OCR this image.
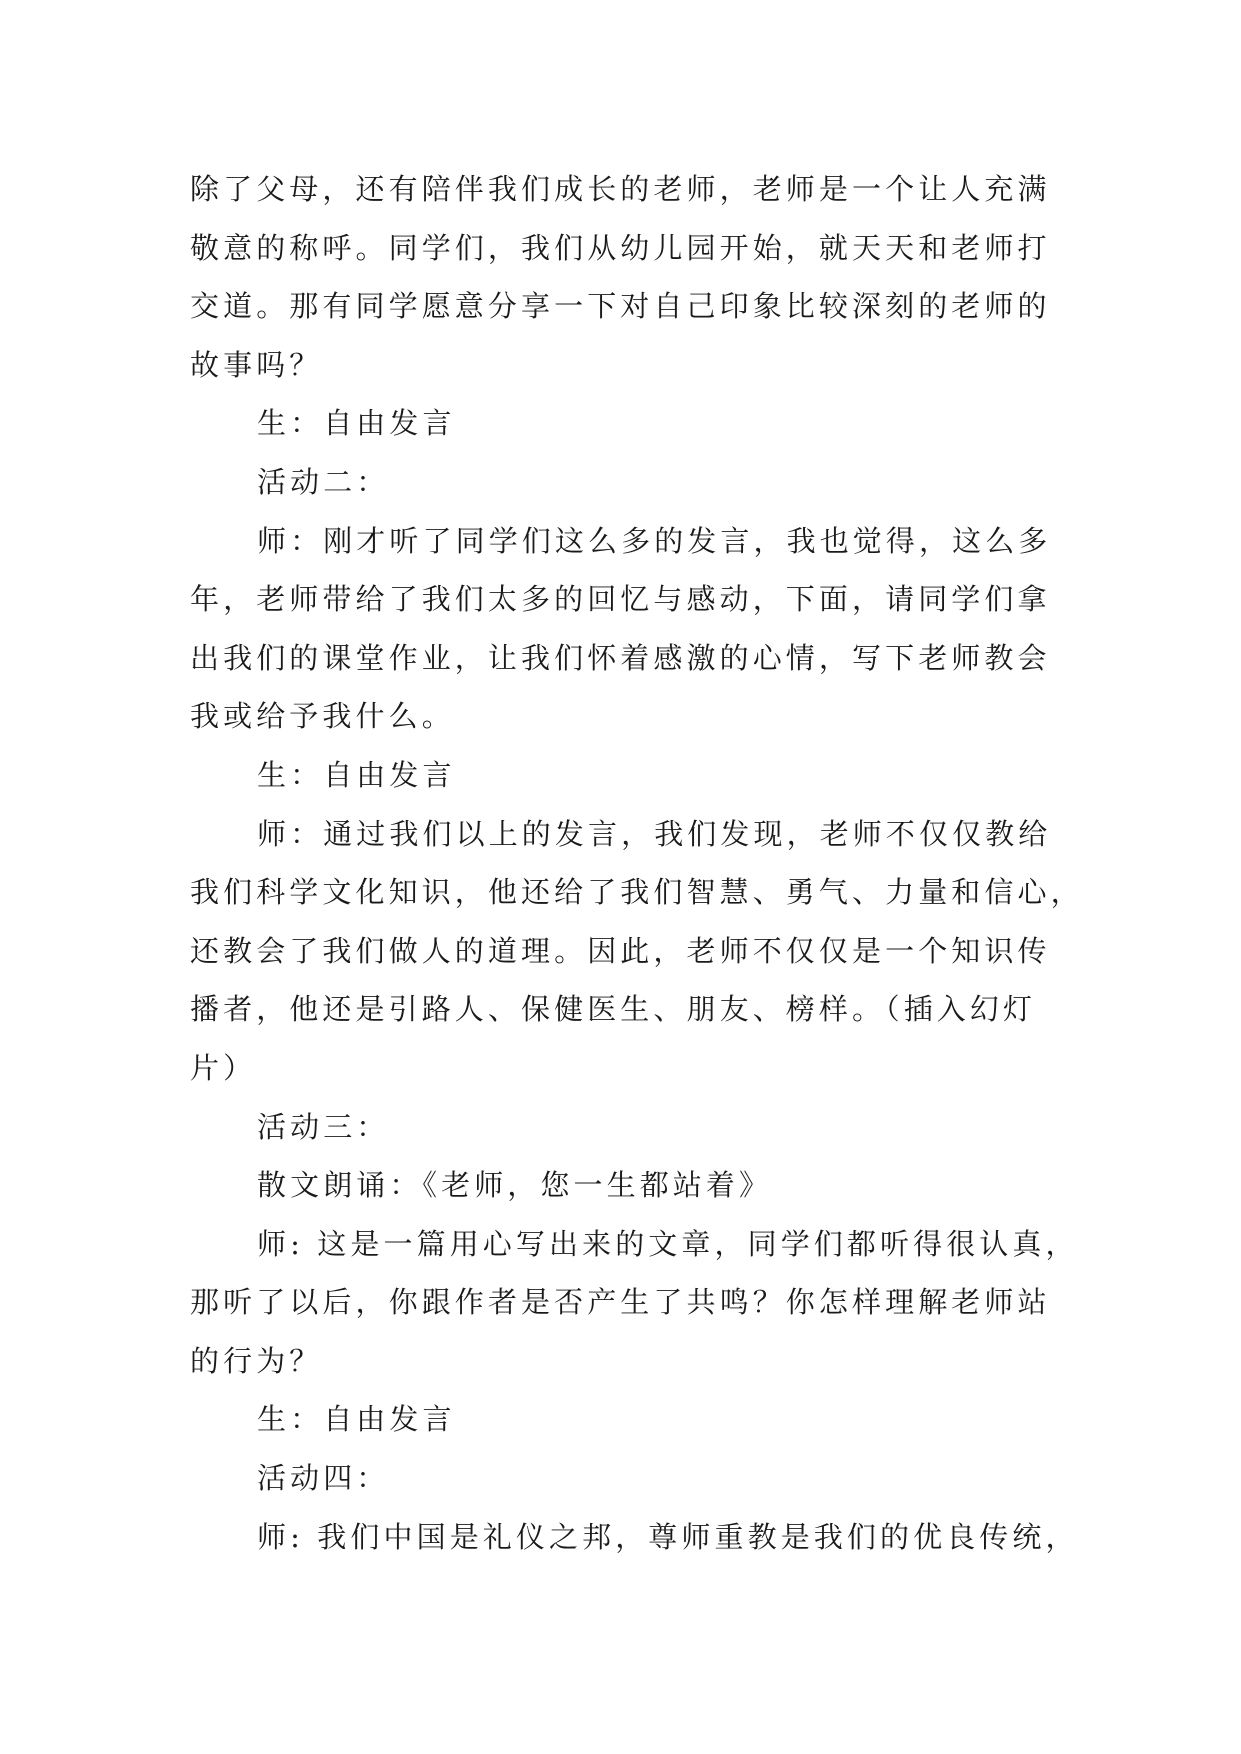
除了父母，还有陪伴我们成长的老师，老师是一个让人充满
敬意的称呼。同学们，我们从幼儿园开始，就天天和老师打
交道。那有同学愿意分享一下对自己印象比较深刻的老师的
故事吗？
生：自由发言
活动二：
师：刚才听了同学们这么多的发言，我也觉得，这么多
年，老师带给了我们太多的回忆与感动，下面，请同学们拿
出我们的课堂作业，让我们怀着感激的心情，写下老师教会
我或给予我什么。
生：自由发言
师：通过我们以上的发言，我们发现，老师不仅仅教给
我们科学文化知识，他还给了我们智慧、勇气、力量和信心，
还教会了我们做人的道理。因此，老师不仅仅是一个知识传
播者，他还是引路人、保健医生、朋友、榜样。（插入幻灯
片）
活动三：
散文朗诵：《老师，您一生都站着》
师: 这是一篇用心写出来的文章，同学们都听得很认真，
那听了以后，你跟作者是否产生了共鸣？你怎样理解老师站
的行为？
生：自由发言
活动四：
师: 我们中国是礼仪之邦，尊师重教是我们的优良传统，
